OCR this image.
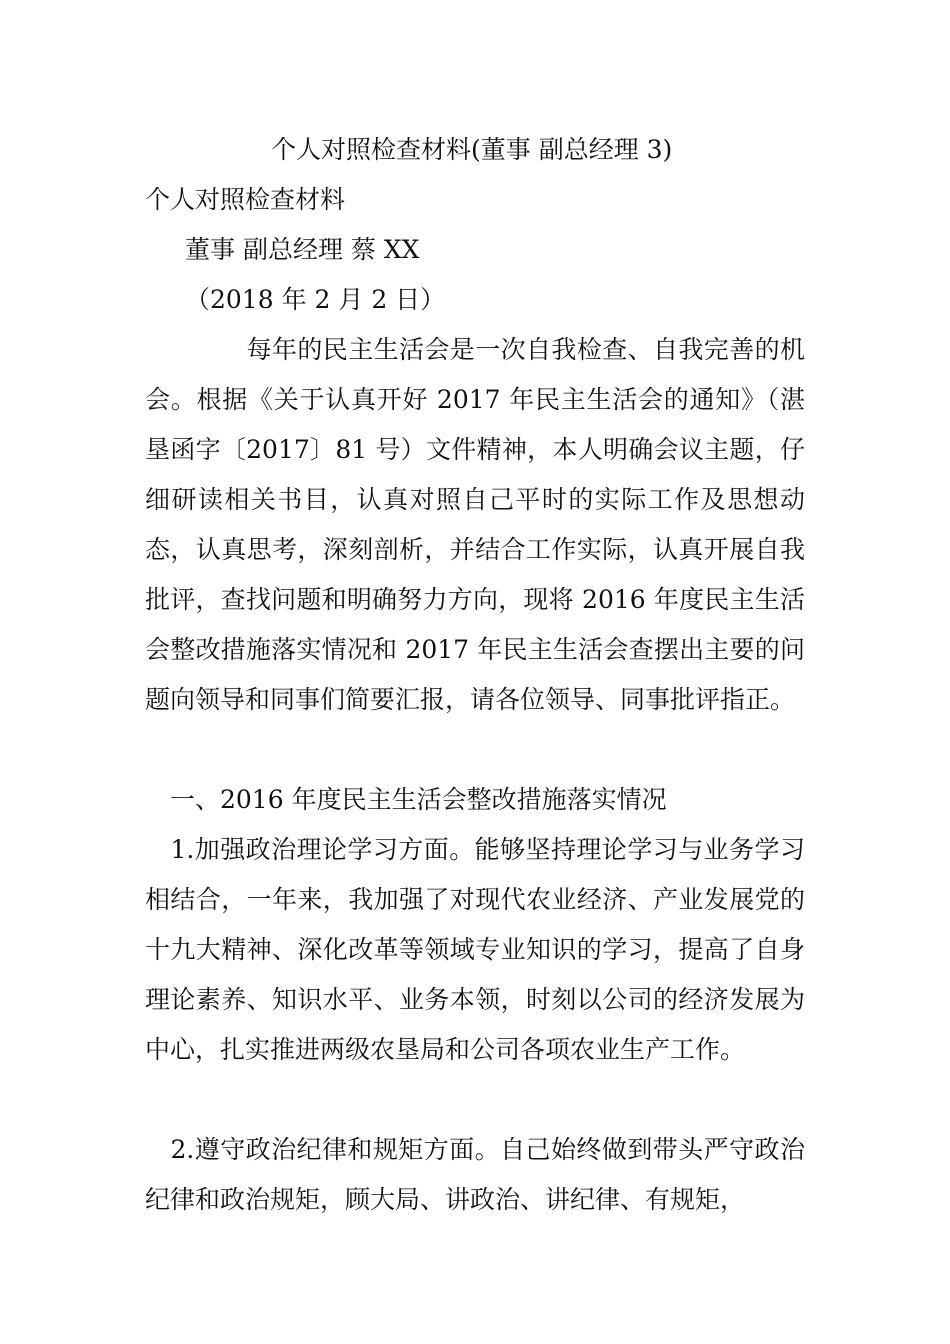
个人对照检查材料(董事 副总经理 3)
个人对照检查材料
董事 副总经理 蔡 XX
（2018 年 2 月 2 日）

　　　　每年的民主生活会是一次自我检查、自我完善的机会。根据《关于认真开好 2017 年民主生活会的通知》（湛垦函字〔2017〕81 号）文件精神，本人明确会议主题，仔细研读相关书目，认真对照自己平时的实际工作及思想动态，认真思考，深刻剖析，并结合工作实际，认真开展自我批评，查找问题和明确努力方向，现将 2016 年度民主生活会整改措施落实情况和 2017 年民主生活会查摆出主要的问题向领导和同事们简要汇报，请各位领导、同事批评指正。

　一、2016 年度民主生活会整改措施落实情况

　1.加强政治理论学习方面。能够坚持理论学习与业务学习相结合，一年来，我加强了对现代农业经济、产业发展党的十九大精神、深化改革等领域专业知识的学习，提高了自身理论素养、知识水平、业务本领，时刻以公司的经济发展为中心，扎实推进两级农垦局和公司各项农业生产工作。

　2.遵守政治纪律和规矩方面。自己始终做到带头严守政治纪律和政治规矩，顾大局、讲政治、讲纪律、有规矩，
